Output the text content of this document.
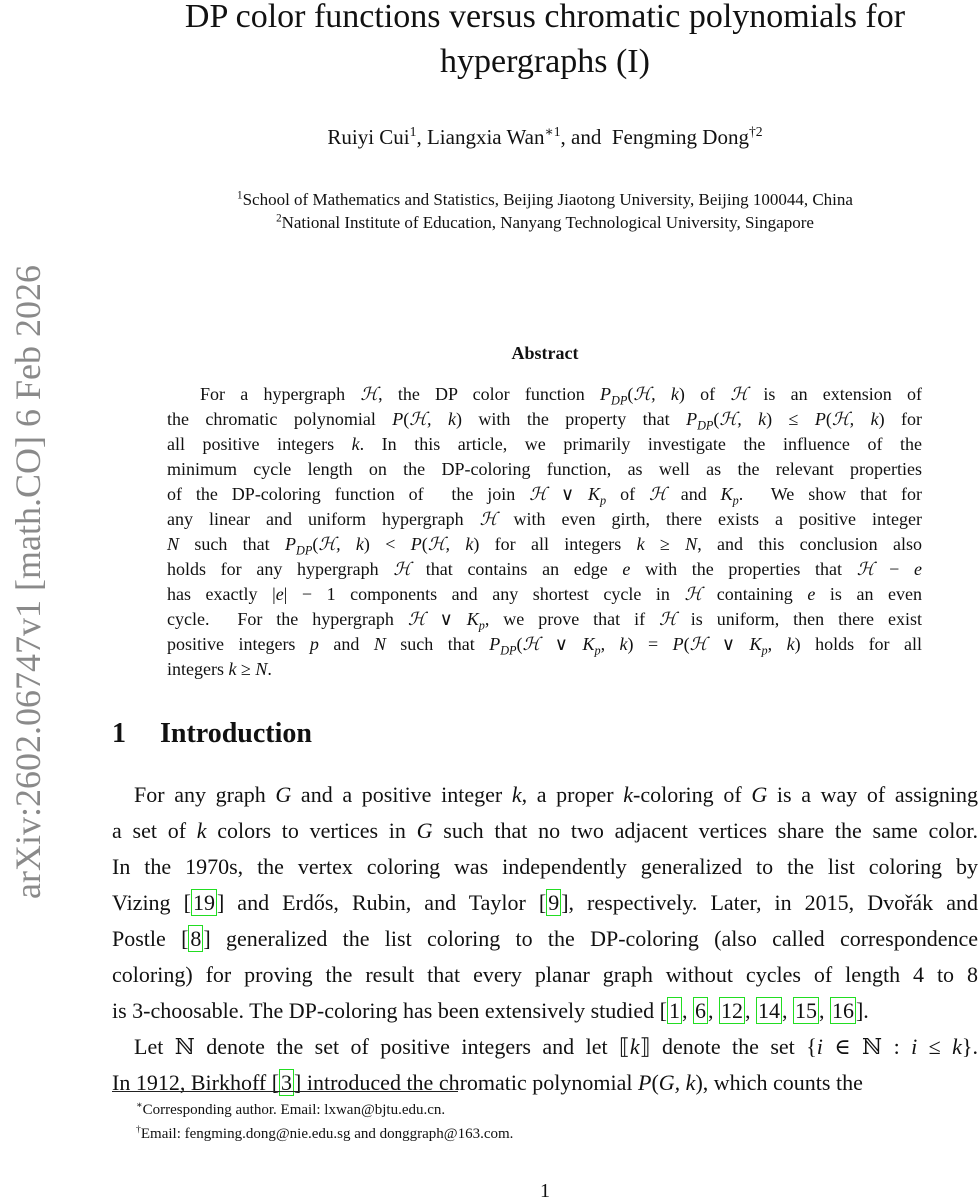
arXiv:2602.06747v1 [math.CO] 6 Feb 2026
DP color functions versus chromatic polynomials for
hypergraphs (I)
Ruiyi Cui$^1$, Liangxia Wan$^{∗1}$, and  Fengming Dong$^{\dagger 2}$
$^1$School of Mathematics and Statistics, Beijing Jiaotong University, Beijing 100044, China
$^2$National Institute of Education, Nanyang Technological University, Singapore
Abstract
For a hypergraph ℋ, the DP color function $P_{DP}(ℋ$, k) of ℋ is an extension of
the chromatic polynomial P(ℋ, k) with the property that $P_{DP}(ℋ$, k) ≤ P(ℋ, k) for
all positive integers k. In this article, we primarily investigate the influence of the
minimum cycle length on the DP-coloring function, as well as the relevant properties
of the DP-coloring function of  the join ℋ ∨ $K_p$ of ℋ and $K_p$.  We show that for
any linear and uniform hypergraph ℋ with even girth, there exists a positive integer
N such that $P_{DP}(ℋ$, k) < P(ℋ, k) for all integers k ≥ N, and this conclusion also
holds for any hypergraph ℋ that contains an edge e with the properties that ℋ − e
has exactly |e| − 1 components and any shortest cycle in ℋ containing e is an even
cycle.  For the hypergraph ℋ ∨ $K_p$, we prove that if ℋ is uniform, then there exist
positive integers p and N such that $P_{DP}(ℋ$ ∨ $K_p$, k) = P(ℋ ∨ $K_p$, k) holds for all
integers k ≥ N.
1 Introduction
For any graph G and a positive integer k, a proper k-coloring of G is a way of assigning
a set of k colors to vertices in G such that no two adjacent vertices share the same color.
In the 1970s, the vertex coloring was independently generalized to the list coloring by
Vizing [19] and Erdős, Rubin, and Taylor [9], respectively. Later, in 2015, Dvořák and
Postle [8] generalized the list coloring to the DP-coloring (also called correspondence
coloring) for proving the result that every planar graph without cycles of length 4 to 8
is 3-choosable. The DP-coloring has been extensively studied [1, 6, 12, 14, 15, 16].
Let ℕ denote the set of positive integers and let ⟦k⟧ denote the set {i ∈ ℕ : i ≤ k}.
In 1912, Birkhoff [3] introduced the chromatic polynomial P(G, k), which counts the
∗Corresponding author. Email: lxwan@bjtu.edu.cn.
†Email: fengming.dong@nie.edu.sg and donggraph@163.com.
1
